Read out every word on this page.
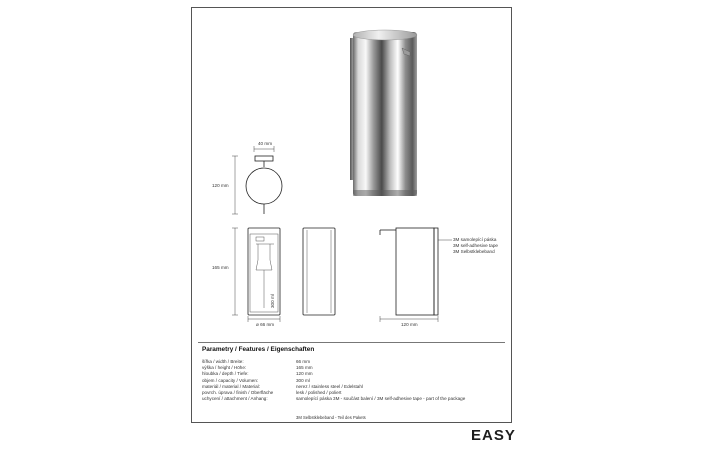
40 mm
120 mm
300 ml
165 mm
ø 66 mm	120 mm
3M samolepící páska
3M self-adhesive tape
3M Selbstklebeband
Parametry / Features / Eigenschaften
šířka / width / Breite:	66 mm
výška / height / Höhe:	165 mm
hloubka / depth / Tiefe:	120 mm
objem / capacity / Volumen:	300 ml
materiál / material / Material:	nerez / stainless steel / Edelstahl
povrch. úprava / finish / Oberfläche	lesk / polished / poliert
uchycení / attachment / Anhang:	samolepící páska 3M - součást balení / 3M self-adhesive tape - part of the package
3M Selbstklebeband - Teil des Pakets
EASY
